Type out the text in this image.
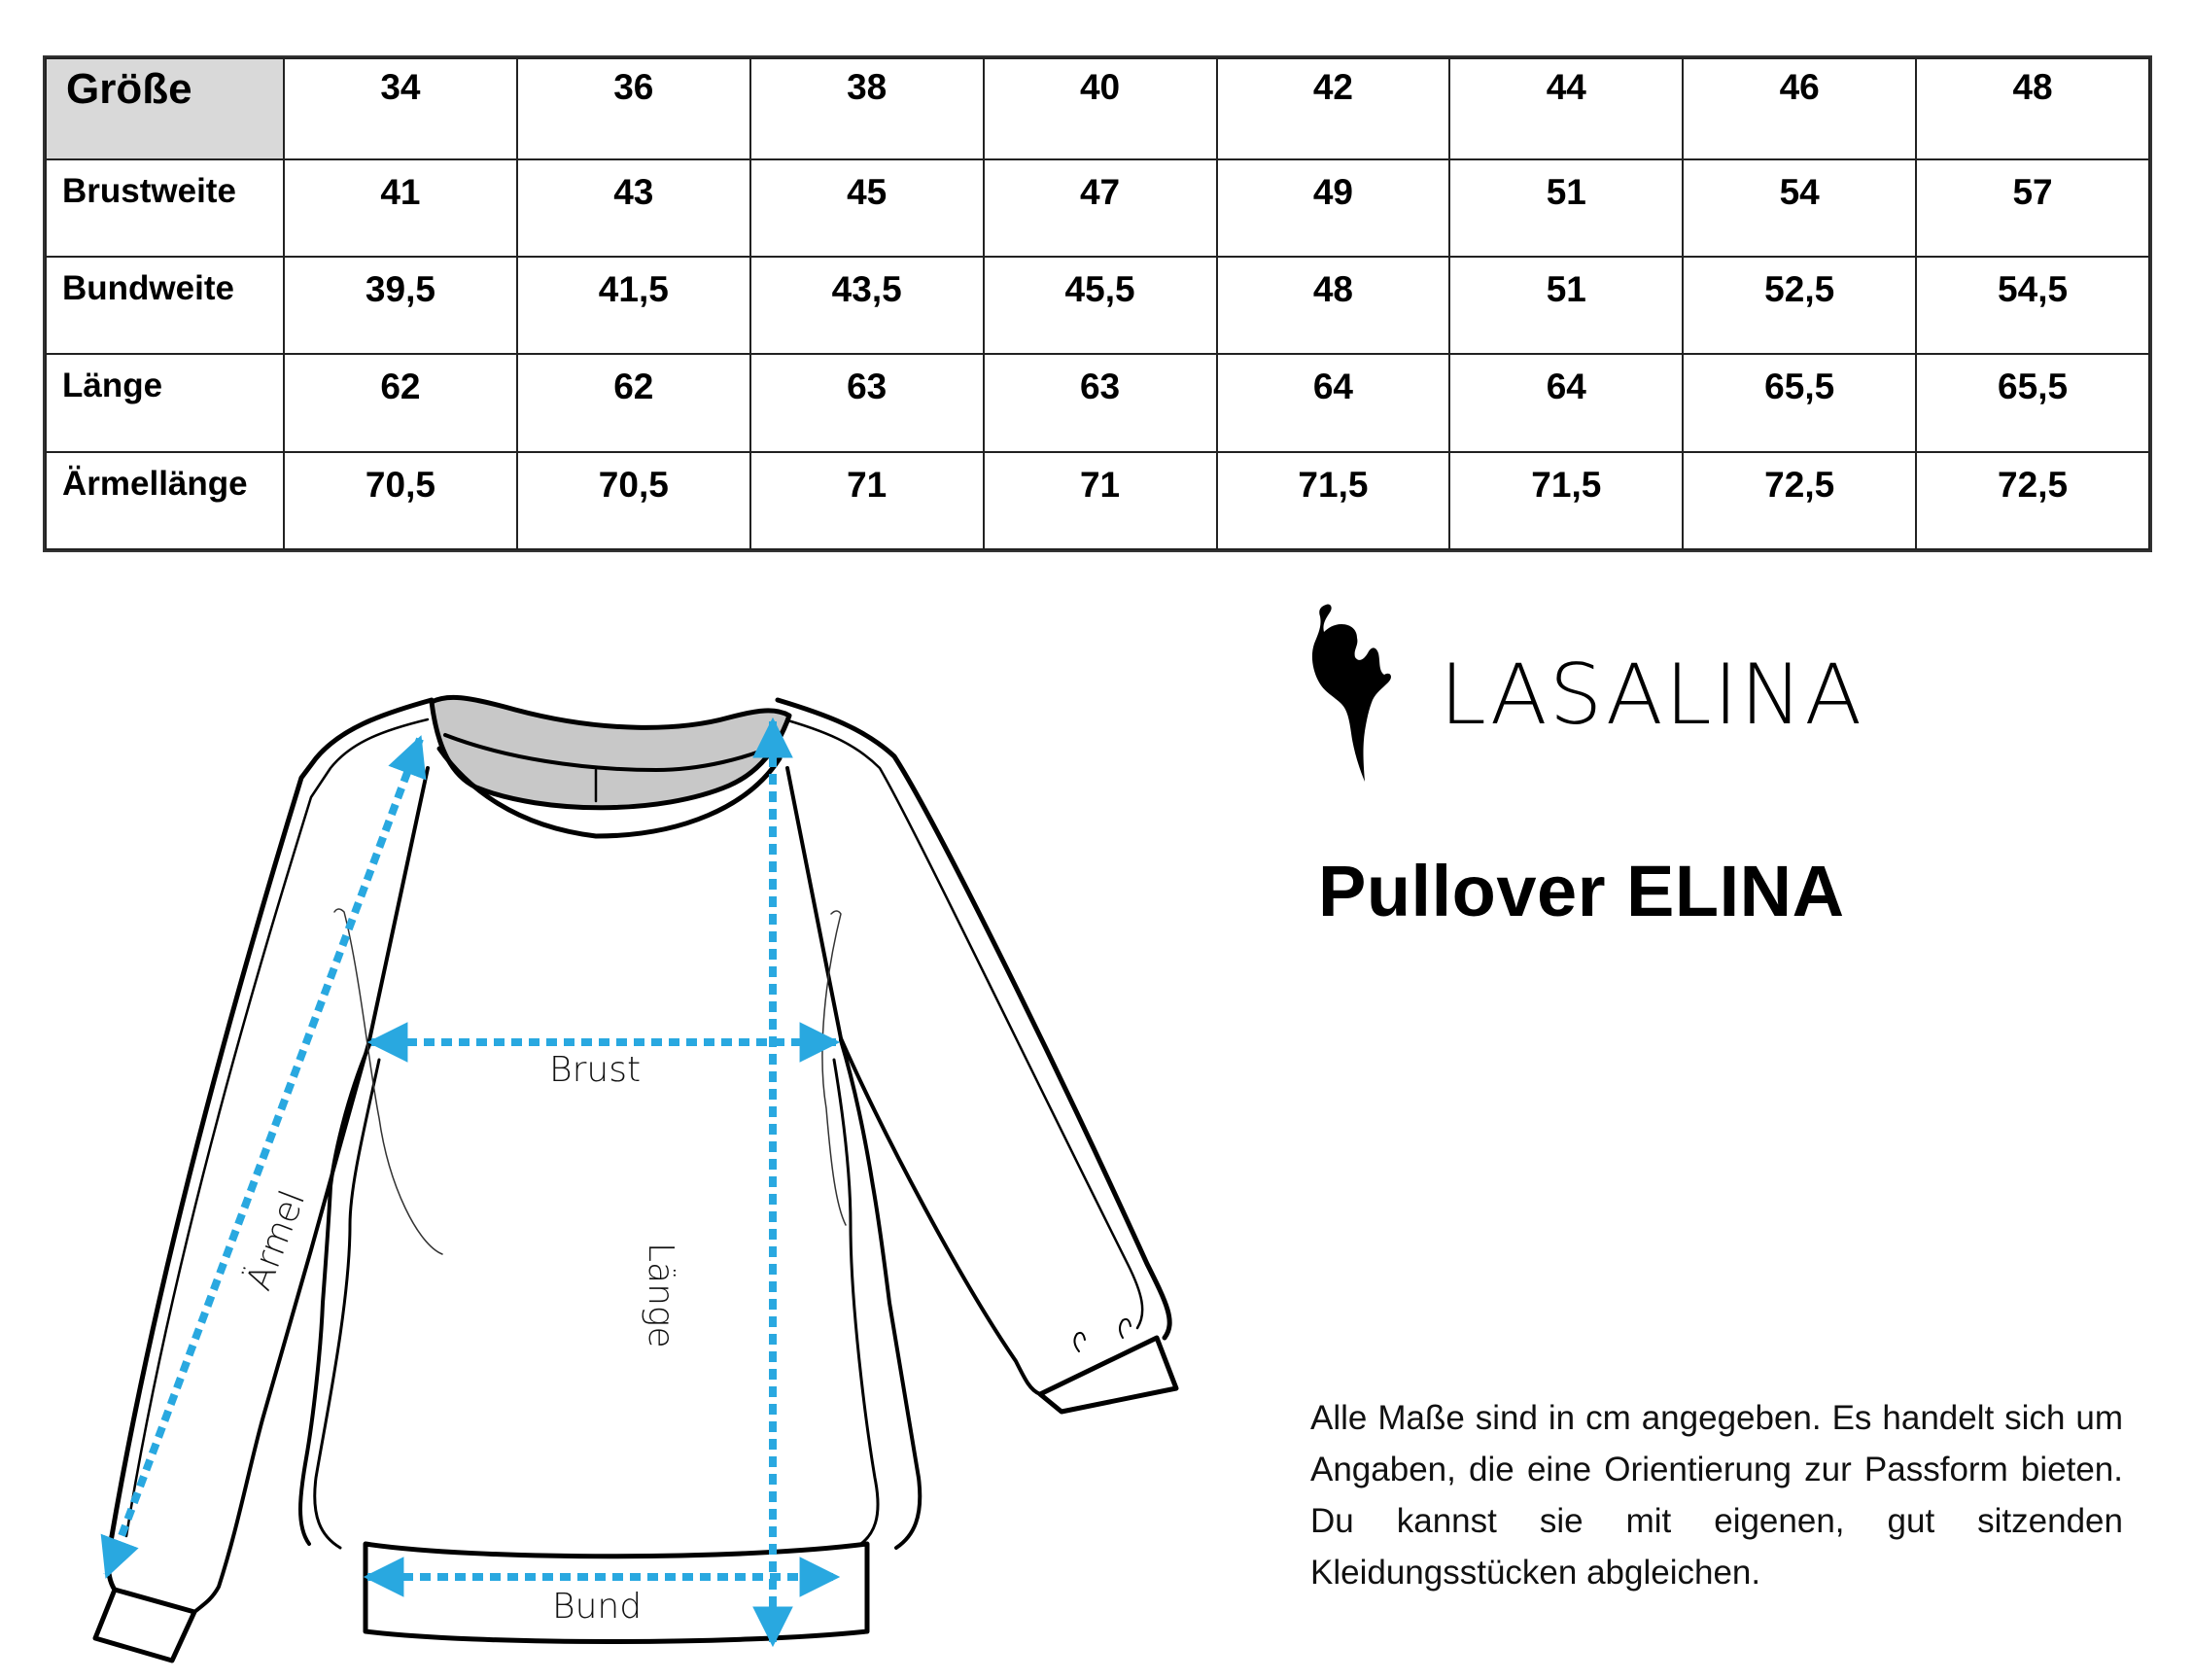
Größe	34	36	38	40	42	44	46	48
Brustweite	41	43	45	47	49	51	54	57
Bundweite	39,5	41,5	43,5	45,5	48	51	52,5	54,5
Länge	62	62	63	63	64	64	65,5	65,5
Ärmellänge	70,5	70,5	71	71	71,5	71,5	72,5	72,5
Brust
Bund
Länge
Ärmel
LASALINA
Pullover ELINA
Alle Maße sind in cm angegeben. Es handelt sich um Angaben, die eine Orientierung zur Passform bieten. Du kannst sie mit eigenen, gut sitzenden Kleidungsstücken abgleichen.
